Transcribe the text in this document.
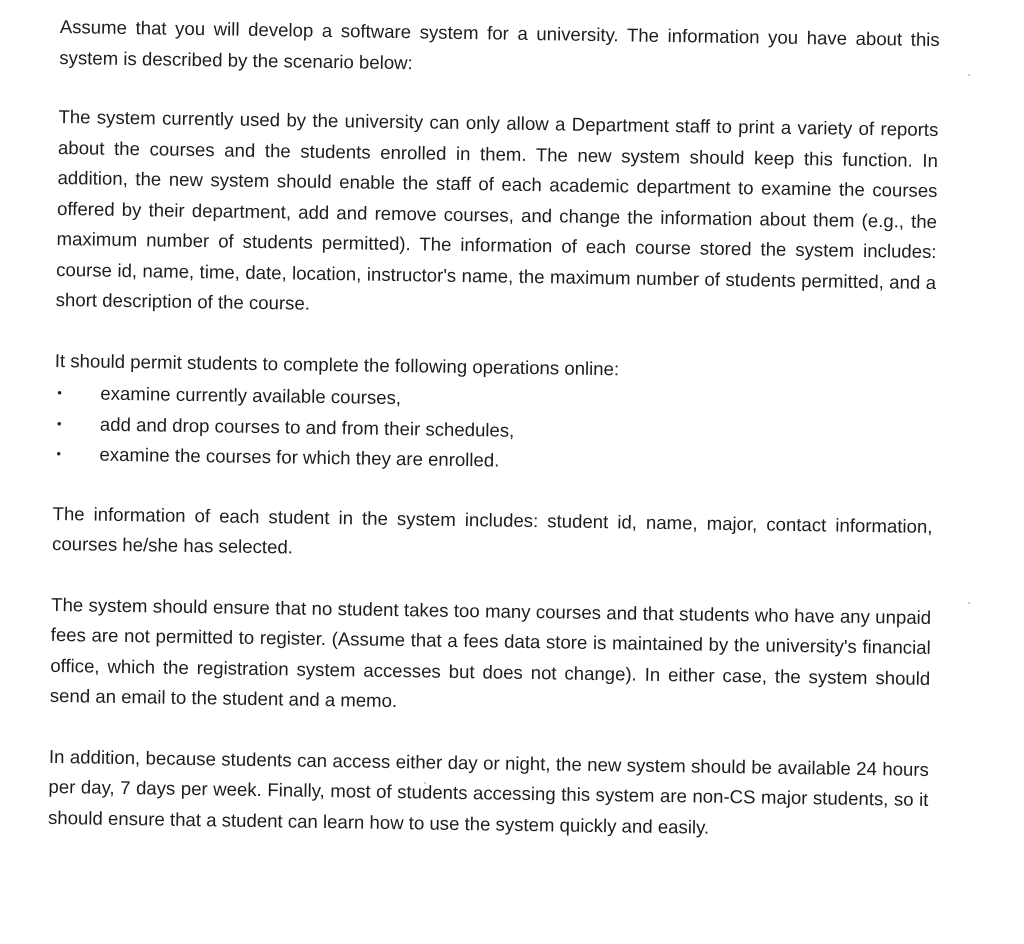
Assume that you will develop a software system for a university. The information you have about this system is described by the scenario below:

The system currently used by the university can only allow a Department staff to print a variety of reports about the courses and the students enrolled in them. The new system should keep this function. In addition, the new system should enable the staff of each academic department to examine the courses offered by their department, add and remove courses, and change the information about them (e.g., the maximum number of students permitted). The information of each course stored the system includes: course id, name, time, date, location, instructor's name, the maximum number of students permitted, and a short description of the course.

It should permit students to complete the following operations online:

• examine currently available courses,
• add and drop courses to and from their schedules,
• examine the courses for which they are enrolled.

The information of each student in the system includes: student id, name, major, contact information, courses he/she has selected.

The system should ensure that no student takes too many courses and that students who have any unpaid fees are not permitted to register. (Assume that a fees data store is maintained by the university's financial office, which the registration system accesses but does not change). In either case, the system should send an email to the student and a memo.

In addition, because students can access either day or night, the new system should be available 24 hours per day, 7 days per week. Finally, most of students accessing this system are non-CS major students, so it should ensure that a student can learn how to use the system quickly and easily.
